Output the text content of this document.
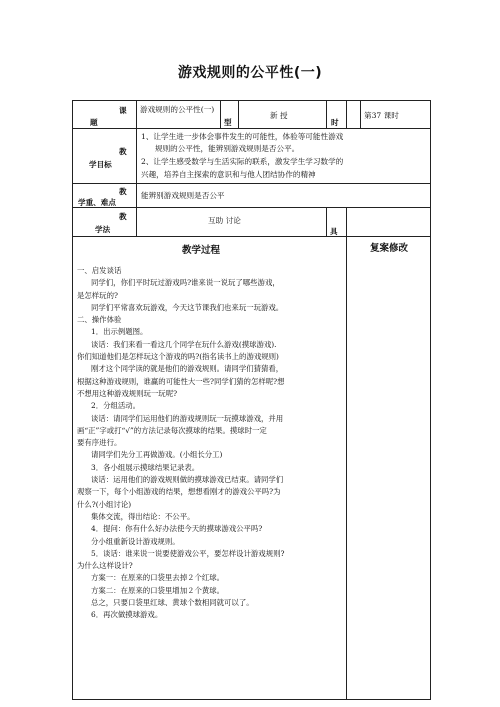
游戏规则的公平性(一)
课
题
游戏规则的公平性(一)
型
新 授
时
第37 课时
教
学目标
1、让学生进一步体会事件发生的可能性，体验等可能性游戏
规则的公平性，能辨别游戏规则是否公平。
2、让学生感受数学与生活实际的联系，激发学生学习数学的
兴趣，培养自主探索的意识和与他人团结协作的精神
教
学重、难点
能辨别游戏规则是否公平
教
学法
互助 讨论
具
教学过程	复案修改

一、启发谈话

同学们，你们平时玩过游戏吗?谁来说一说玩了哪些游戏，

是怎样玩的?

同学们平常喜欢玩游戏，今天这节课我们也来玩一玩游戏。

二、操作体验

1．出示例题图。

谈话：我们来看一看这几个同学在玩什么游戏(摸球游戏).

你们知道他们是怎样玩这个游戏的吗?(指名读书上的游戏规则)

刚才这个同学读的就是他们的游戏规则。请同学们猜猜看，

根据这种游戏规则，谁赢的可能性大一些?同学们猜的怎样呢?想

不想用这种游戏规则玩一玩呢?

2．分组活动。

谈话：请同学们运用他们的游戏规则玩一玩摸球游戏，并用

画“正”字或打“√”的方法记录每次摸球的结果。摸球时一定

要有序进行。

请同学们先分工再做游戏。(小组长分工)

3．各小组展示摸球结果记录表。

谈话：运用他们的游戏规则做的摸球游戏已结束。请同学们

观察一下，每个小组游戏的结果，想想看刚才的游戏公平吗?为

什么?(小组讨论)

集体交流，得出结论：不公平。

4．提问：你有什么好办法使今天的摸球游戏公平吗?

分小组重新设计游戏规则。

5．谈话：谁来说一说要使游戏公平，要怎样设计游戏规则?

为什么这样设计?

方案一：在原来的口袋里去掉２个红球。

方案二：在原来的口袋里增加２个黄球。

总之，只要口袋里红球、黄球个数相同就可以了。

6．再次做摸球游戏。
